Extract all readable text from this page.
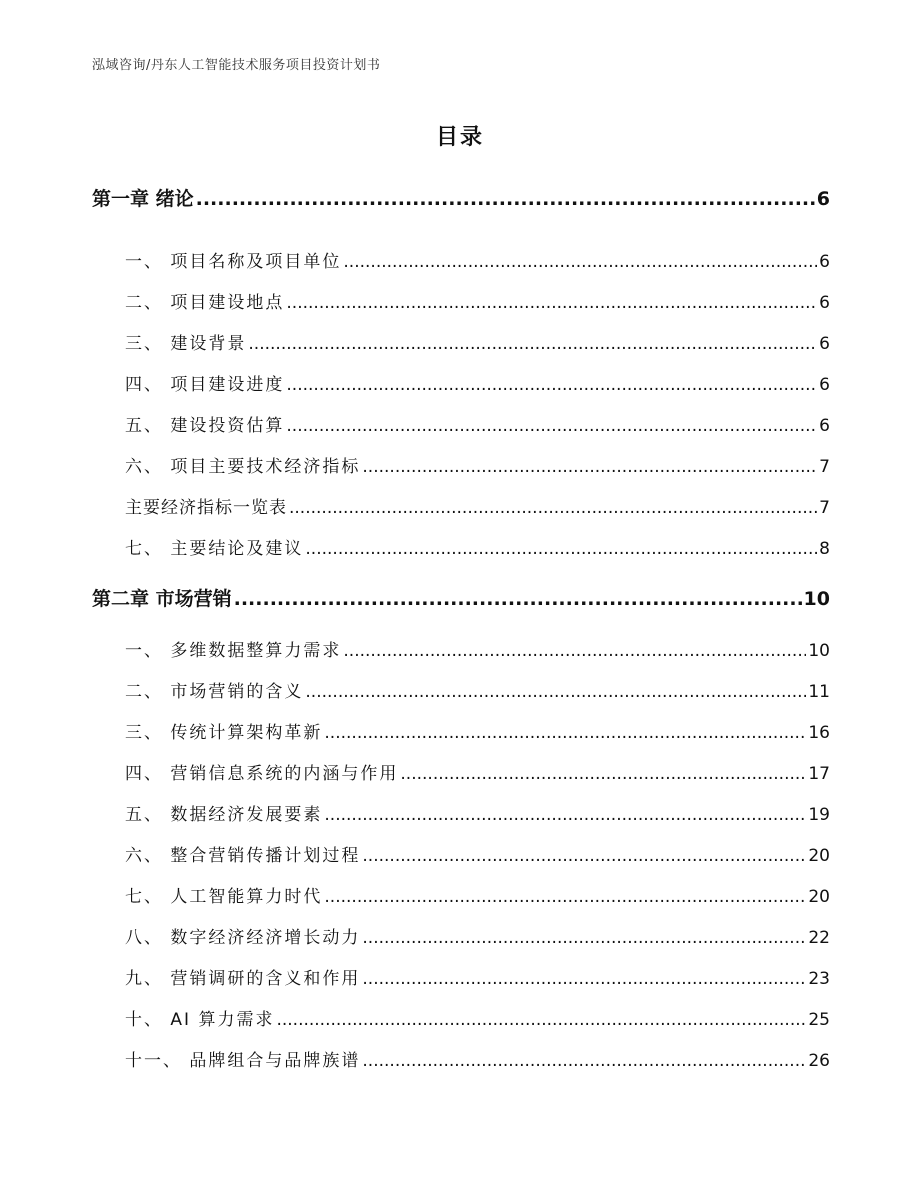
泓域咨询/丹东人工智能技术服务项目投资计划书
目录
第一章 绪论 .....	6
一、 项目名称及项目单位 .....	6
二、 项目建设地点 .....	6
三、 建设背景 .....	6
四、 项目建设进度 .....	6
五、 建设投资估算 .....	6
六、 项目主要技术经济指标 .....	7
主要经济指标一览表 .....	7
七、 主要结论及建议 .....	8
第二章 市场营销 .....	10
一、 多维数据整算力需求 .....	10
二、 市场营销的含义 .....	11
三、 传统计算架构革新 .....	16
四、 营销信息系统的内涵与作用 .....	17
五、 数据经济发展要素 .....	19
六、 整合营销传播计划过程 .....	20
七、 人工智能算力时代 .....	20
八、 数字经济经济增长动力 .....	22
九、 营销调研的含义和作用 .....	23
十、 AI 算力需求 .....	25
十一、 品牌组合与品牌族谱 .....	26
